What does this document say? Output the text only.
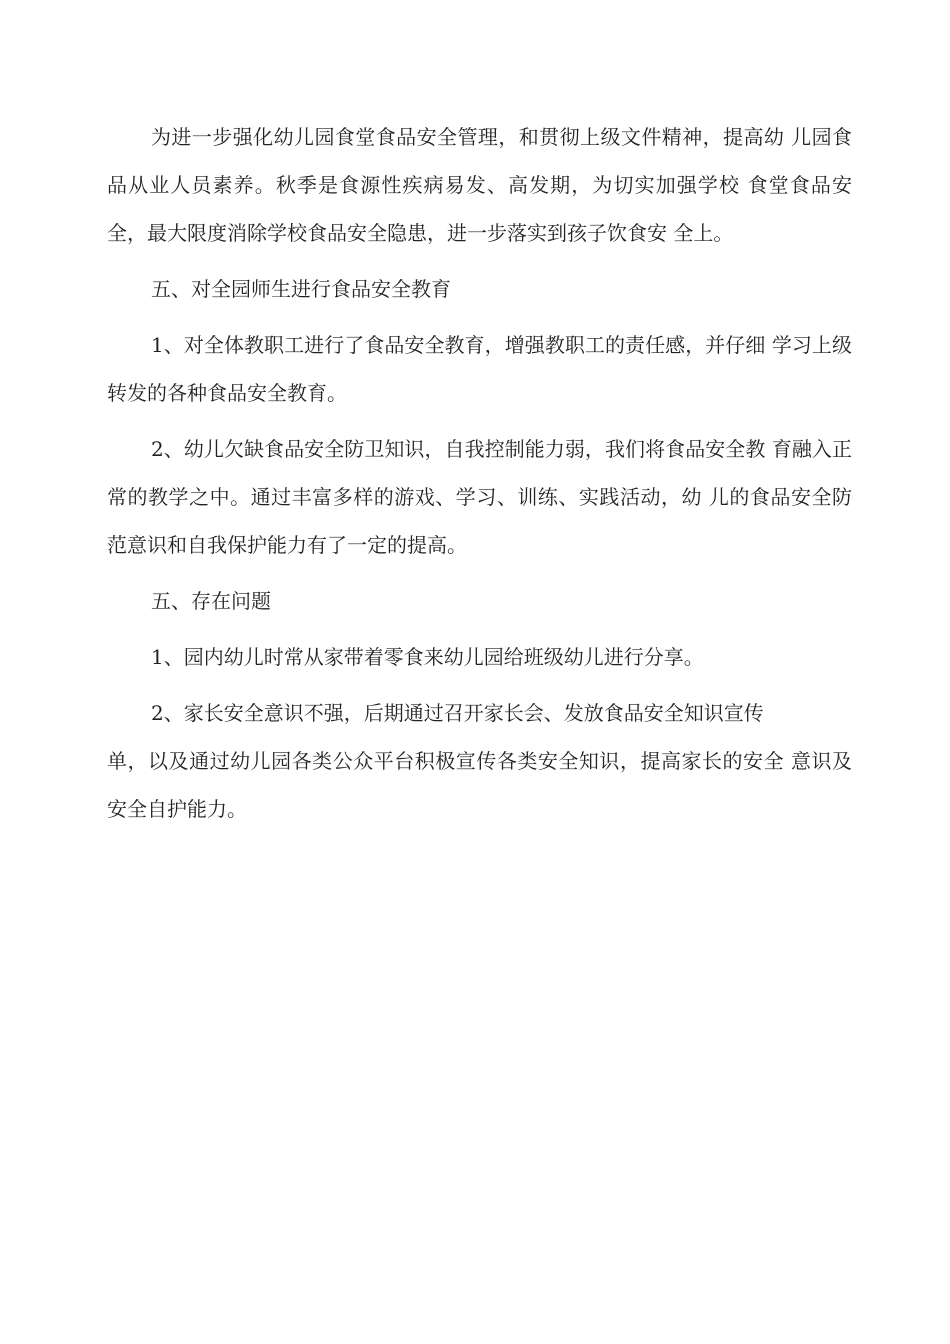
为进一步强化幼儿园食堂食品安全管理，和贯彻上级文件精神，提高幼 儿园食品从业人员素养。秋季是食源性疾病易发、高发期，为切实加强学校 食堂食品安全，最大限度消除学校食品安全隐患，进一步落实到孩子饮食安 全上。

五、对全园师生进行食品安全教育

1、对全体教职工进行了食品安全教育，增强教职工的责任感，并仔细 学习上级转发的各种食品安全教育。

2、幼儿欠缺食品安全防卫知识，自我控制能力弱，我们将食品安全教 育融入正常的教学之中。通过丰富多样的游戏、学习、训练、实践活动，幼 儿的食品安全防范意识和自我保护能力有了一定的提高。

五、存在问题

1、园内幼儿时常从家带着零食来幼儿园给班级幼儿进行分享。

2、家长安全意识不强，后期通过召开家长会、发放食品安全知识宣传

单，以及通过幼儿园各类公众平台积极宣传各类安全知识，提高家长的安全 意识及安全自护能力。
